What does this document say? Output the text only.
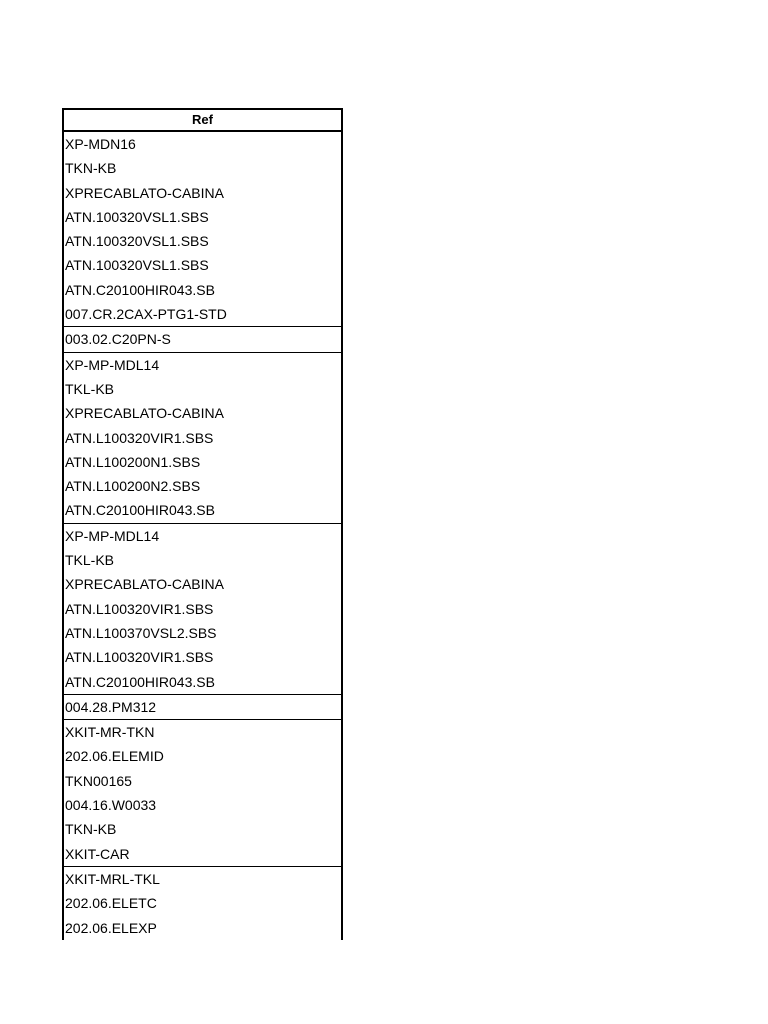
Ref
XP-MDN16
TKN-KB
XPRECABLATO-CABINA
ATN.100320VSL1.SBS
ATN.100320VSL1.SBS
ATN.100320VSL1.SBS
ATN.C20100HIR043.SB
007.CR.2CAX-PTG1-STD
003.02.C20PN-S
XP-MP-MDL14
TKL-KB
XPRECABLATO-CABINA
ATN.L100320VIR1.SBS
ATN.L100200N1.SBS
ATN.L100200N2.SBS
ATN.C20100HIR043.SB
XP-MP-MDL14
TKL-KB
XPRECABLATO-CABINA
ATN.L100320VIR1.SBS
ATN.L100370VSL2.SBS
ATN.L100320VIR1.SBS
ATN.C20100HIR043.SB
004.28.PM312
XKIT-MR-TKN
202.06.ELEMID
TKN00165
004.16.W0033
TKN-KB
XKIT-CAR
XKIT-MRL-TKL
202.06.ELETC
202.06.ELEXP
